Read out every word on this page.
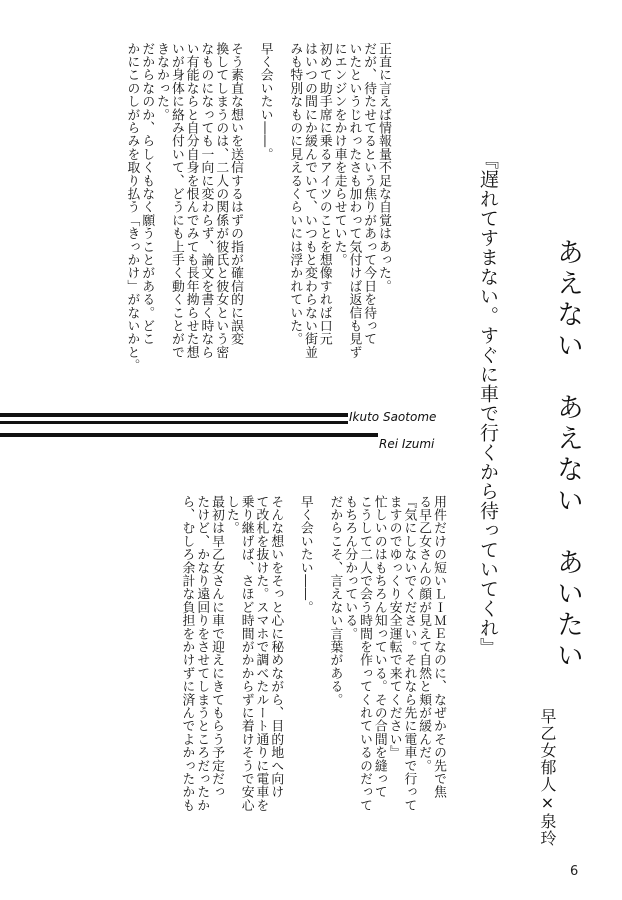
あえない　あえない　あいたい
『遅れてすまない。すぐに車で行くから待っていてくれ』
早乙女郁人×泉玲

正直に言えば情報量不足な自覚はあった。

だが、待たせてるという焦りがあって今日を待って

いたというじれったさも加わって気付けば返信も見ず

にエンジンをかけ車を走らせていた。

初めて助手席に乗るアイツのことを想像すれば口元

はいつの間にか緩んでいて、いつもと変わらない街並

みも特別なものに見えるくらいには浮かれていた。

早く会いたい――。

そう素直な想いを送信するはずの指が確信的に誤変

換してしまうのは、二人の関係が彼氏と彼女という密

なものになっても一向に変わらず、論文を書く時なら

い有能ならと自分自身を恨んでみても長年拗らせた想

いが身体に絡み付いて、どうにも上手く動くことがで

きなかった。

だからなのか、らしくもなく願うことがある。どこ

かにこのしがらみを取り払う「きっかけ」がないかと。

Ikuto Saotome
Rei Izumi

用件だけの短いＬＩＭＥなのに、なぜかその先で焦

る早乙女さんの顔が見えて自然と頬が緩んだ。

『気にしないでください。それなら先に電車で行って

ますのでゆっくり安全運転で来てください』

忙しいのはもちろん知っている。その合間を縫って

こうして二人で会う時間を作ってくれているのだって

もちろん分かっている。

だからこそ、言えない言葉がある。

早く会いたい――。

そんな想いをそっと心に秘めながら、目的地へ向け

て改札を抜けた。スマホで調べたルート通りに電車を

乗り継げば、さほど時間がかからずに着けそうで安心

した。

最初は早乙女さんに車で迎えにきてもらう予定だっ

たけど、かなり遠回りをさせてしまうところだったか

ら、むしろ余計な負担をかけずに済んでよかったかも

6
